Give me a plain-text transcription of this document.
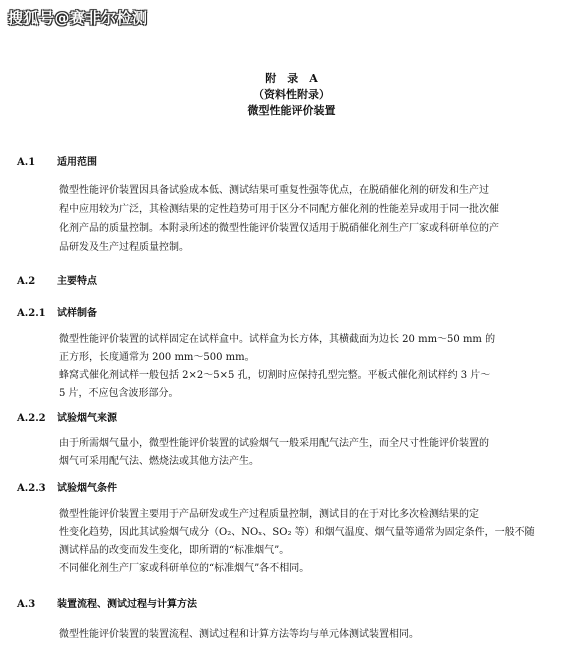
搜狐号@赛非尔检测
附　录　A
（资料性附录）
微型性能评价装置
A.1 适用范围
微型性能评价装置因具备试验成本低、测试结果可重复性强等优点，在脱硝催化剂的研发和生产过
程中应用较为广泛，其检测结果的定性趋势可用于区分不同配方催化剂的性能差异或用于同一批次催
化剂产品的质量控制。本附录所述的微型性能评价装置仅适用于脱硝催化剂生产厂家或科研单位的产
品研发及生产过程质量控制。
A.2 主要特点
A.2.1 试样制备
微型性能评价装置的试样固定在试样盒中。试样盒为长方体，其横截面为边长 20 mm～50 mm 的
正方形，长度通常为 200 mm～500 mm。
蜂窝式催化剂试样一般包括 2×2～5×5 孔，切割时应保持孔型完整。平板式催化剂试样约 3 片～
5 片，不应包含波形部分。
A.2.2 试验烟气来源
由于所需烟气量小，微型性能评价装置的试验烟气一般采用配气法产生，而全尺寸性能评价装置的
烟气可采用配气法、燃烧法或其他方法产生。
A.2.3 试验烟气条件
微型性能评价装置主要用于产品研发或生产过程质量控制，测试目的在于对比多次检测结果的定
性变化趋势，因此其试验烟气成分（O₂、NOₓ、SO₂ 等）和烟气温度、烟气量等通常为固定条件，一般不随
测试样品的改变而发生变化，即所谓的“标准烟气”。
不同催化剂生产厂家或科研单位的“标准烟气”各不相同。
A.3 装置流程、测试过程与计算方法
微型性能评价装置的装置流程、测试过程和计算方法等均与单元体测试装置相同。
